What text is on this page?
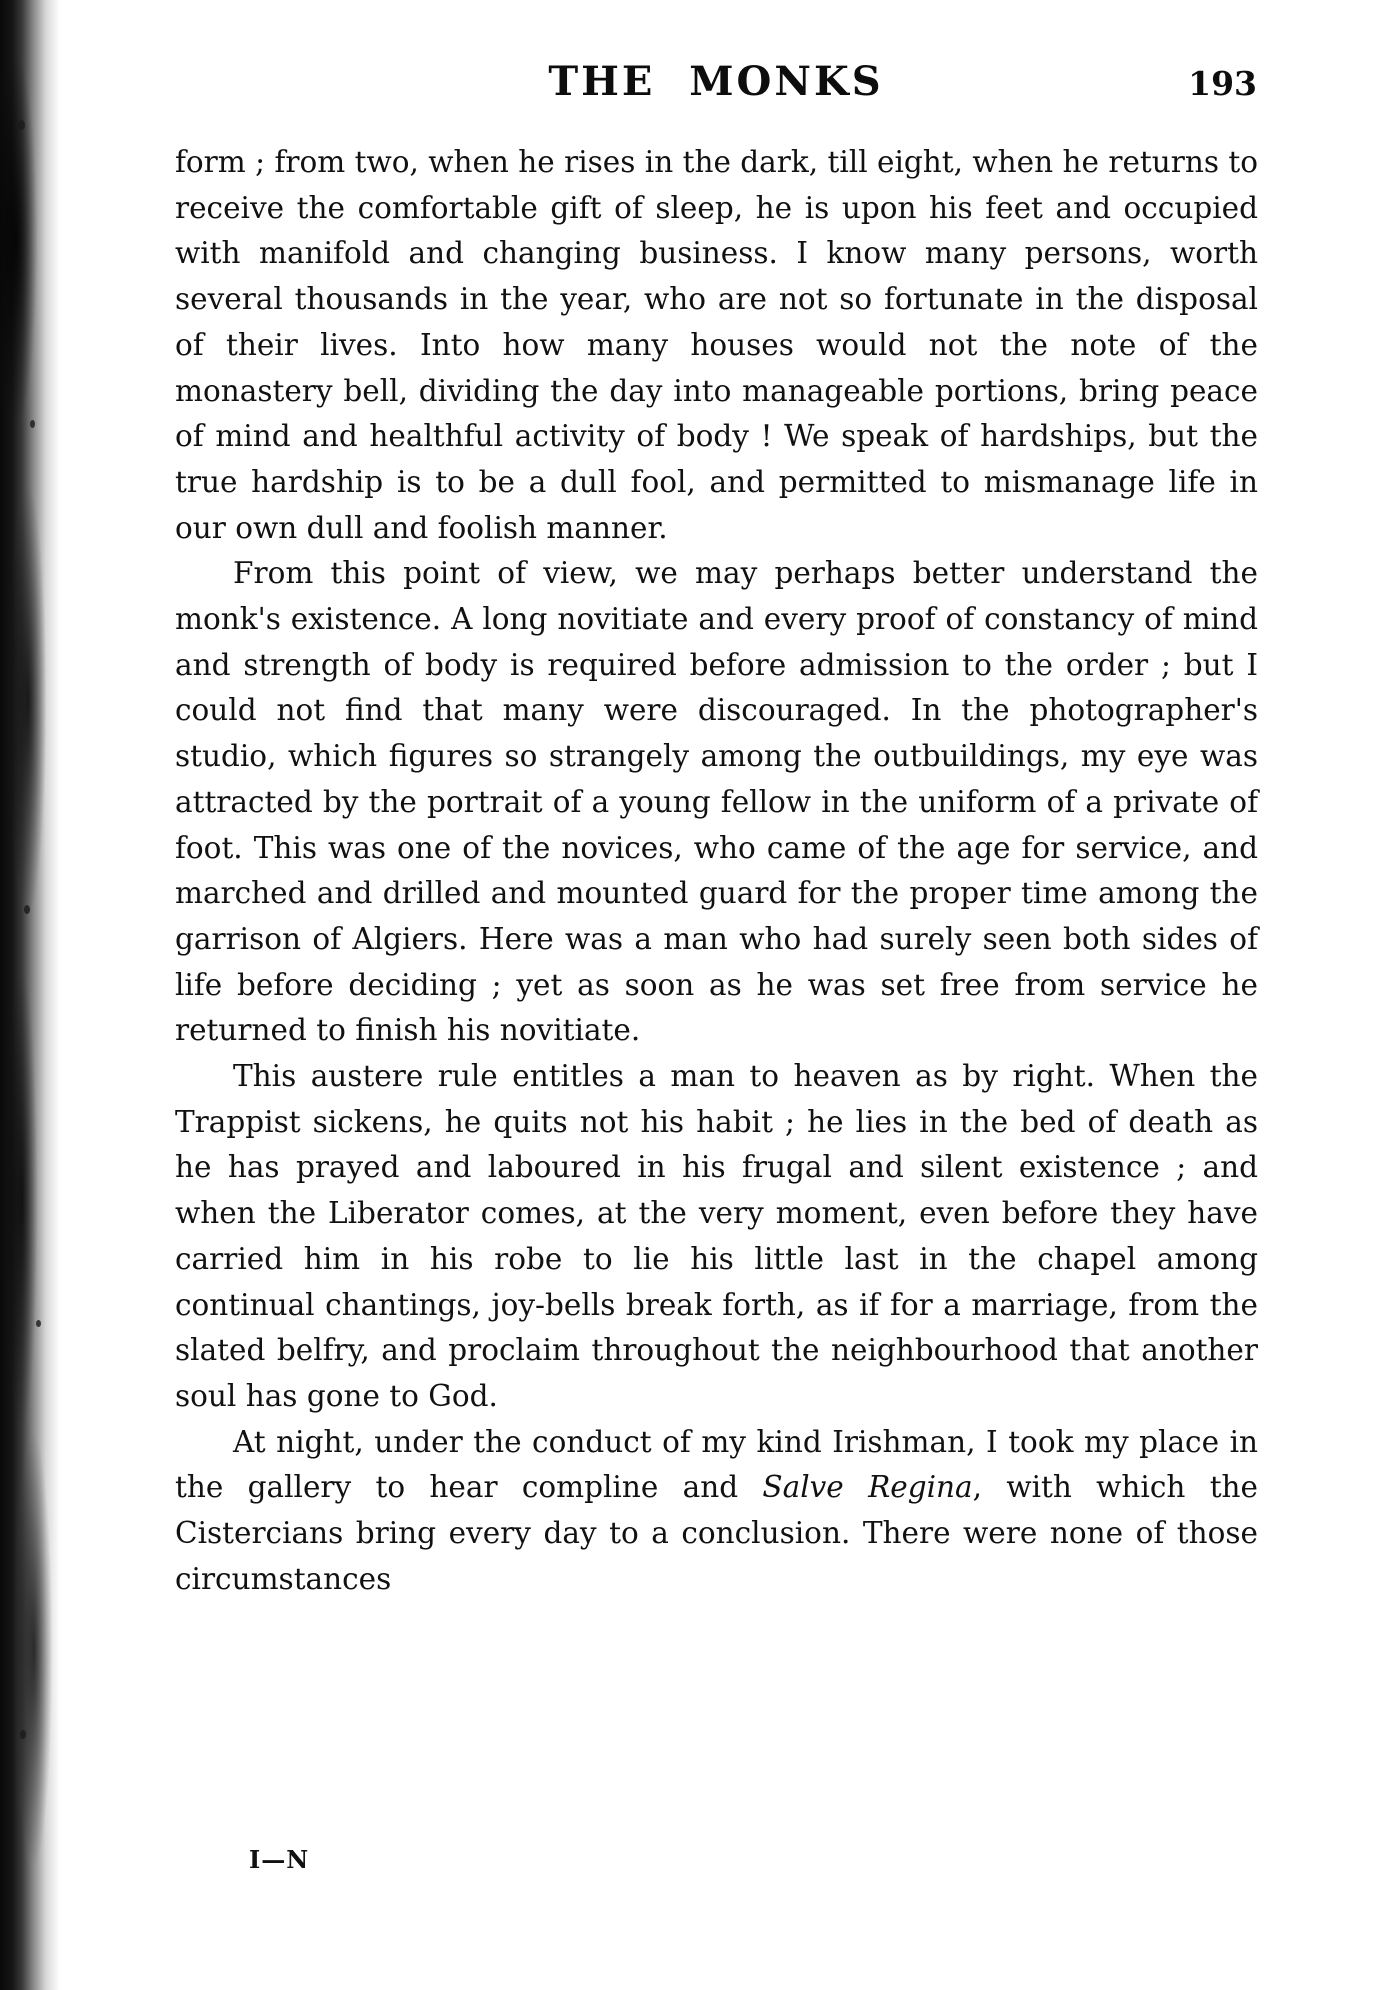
THE  MONKS	193

form ; from two, when he rises in the dark, till eight, when he returns to receive the comfortable gift of sleep, he is upon his feet and occupied with manifold and changing business. I know many persons, worth several thousands in the year, who are not so fortunate in the disposal of their lives. Into how many houses would not the note of the monastery bell, dividing the day into manageable portions, bring peace of mind and healthful activity of body ! We speak of hardships, but the true hardship is to be a dull fool, and permitted to mismanage life in our own dull and foolish manner.

From this point of view, we may perhaps better understand the monk's existence. A long novitiate and every proof of constancy of mind and strength of body is required before admission to the order ; but I could not find that many were discouraged. In the photographer's studio, which figures so strangely among the outbuildings, my eye was attracted by the portrait of a young fellow in the uniform of a private of foot. This was one of the novices, who came of the age for service, and marched and drilled and mounted guard for the proper time among the garrison of Algiers. Here was a man who had surely seen both sides of life before deciding ; yet as soon as he was set free from service he returned to finish his novitiate.

This austere rule entitles a man to heaven as by right. When the Trappist sickens, he quits not his habit ; he lies in the bed of death as he has prayed and laboured in his frugal and silent existence ; and when the Liberator comes, at the very moment, even before they have carried him in his robe to lie his little last in the chapel among continual chantings, joy-bells break forth, as if for a marriage, from the slated belfry, and proclaim throughout the neighbourhood that another soul has gone to God.

At night, under the conduct of my kind Irishman, I took my place in the gallery to hear compline and Salve Regina, with which the Cistercians bring every day to a conclusion. There were none of those circumstances

I—N
